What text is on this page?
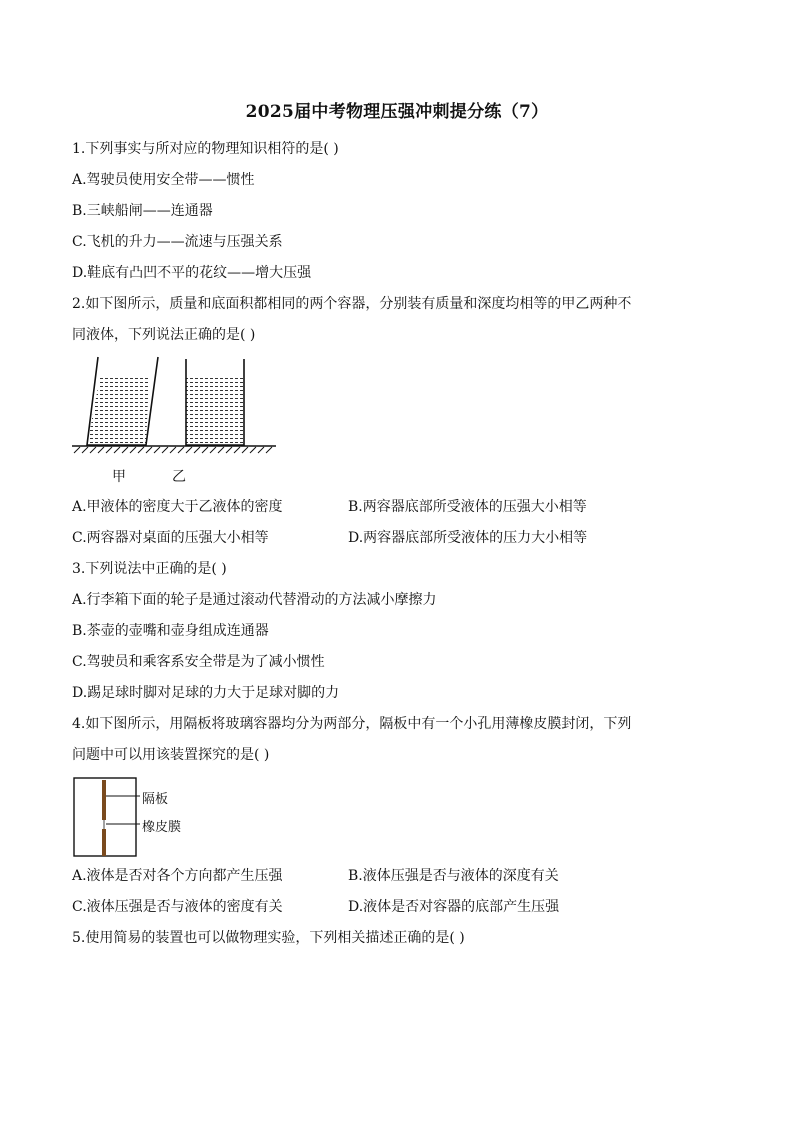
2025届中考物理压强冲刺提分练（7）
1.下列事实与所对应的物理知识相符的是( )
A.驾驶员使用安全带——惯性
B.三峡船闸——连通器
C.飞机的升力——流速与压强关系
D.鞋底有凸凹不平的花纹——增大压强
2.如下图所示，质量和底面积都相同的两个容器，分别装有质量和深度均相等的甲乙两种不
同液体，下列说法正确的是( )
甲	乙
A.甲液体的密度大于乙液体的密度	B.两容器底部所受液体的压强大小相等
C.两容器对桌面的压强大小相等	D.两容器底部所受液体的压力大小相等
3.下列说法中正确的是( )
A.行李箱下面的轮子是通过滚动代替滑动的方法减小摩擦力
B.茶壶的壶嘴和壶身组成连通器
C.驾驶员和乘客系安全带是为了减小惯性
D.踢足球时脚对足球的力大于足球对脚的力
4.如下图所示，用隔板将玻璃容器均分为两部分，隔板中有一个小孔用薄橡皮膜封闭，下列
问题中可以用该装置探究的是( )
隔板
橡皮膜
A.液体是否对各个方向都产生压强	B.液体压强是否与液体的深度有关
C.液体压强是否与液体的密度有关	D.液体是否对容器的底部产生压强
5.使用简易的装置也可以做物理实验，下列相关描述正确的是( )
